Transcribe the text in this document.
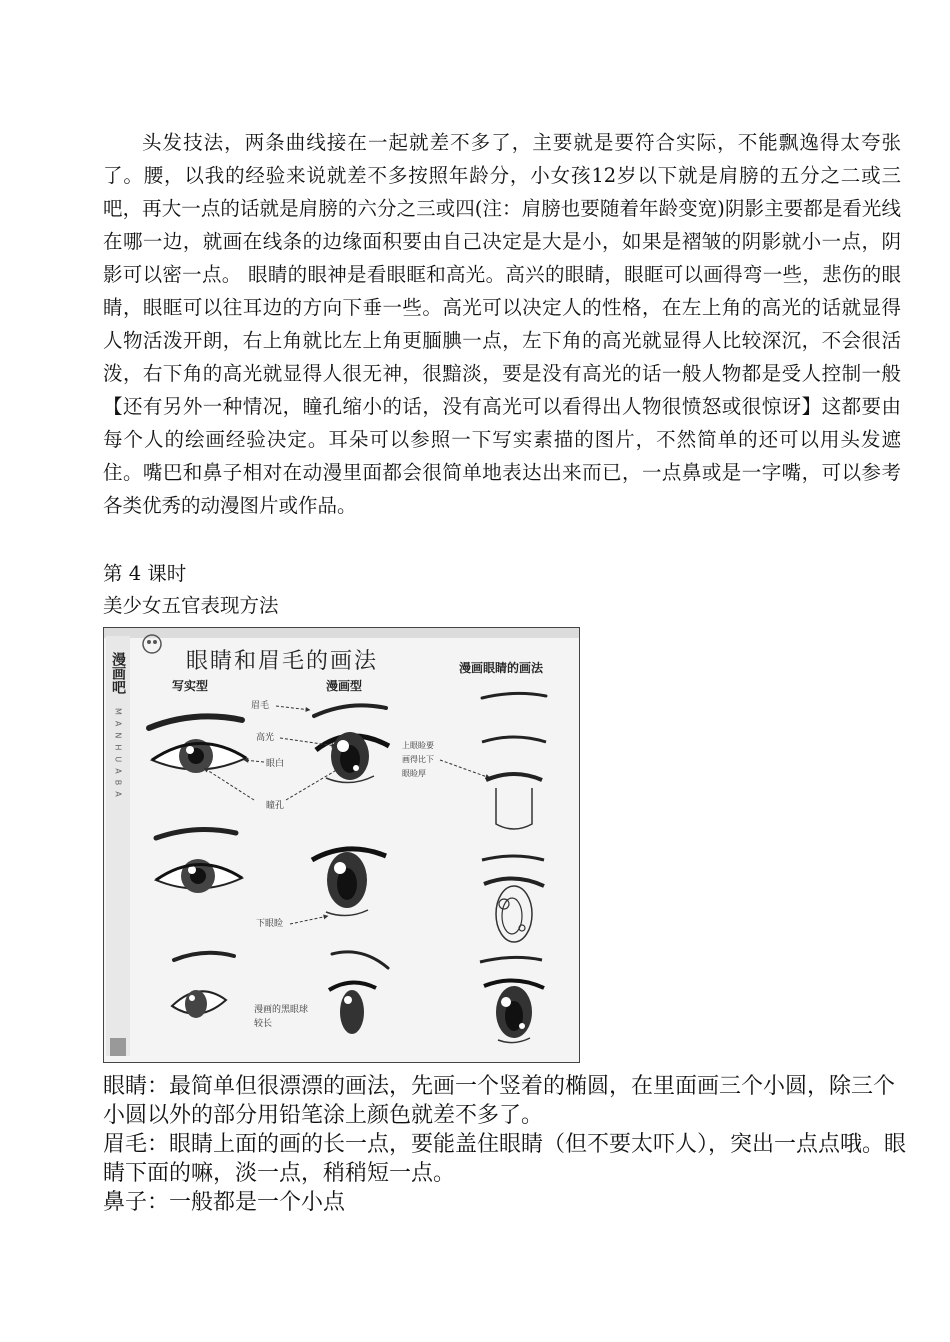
头发技法，两条曲线接在一起就差不多了，主要就是要符合实际，不能飘逸得太夸张了。腰，以我的经验来说就差不多按照年龄分，小女孩12岁以下就是肩膀的五分之二或三吧，再大一点的话就是肩膀的六分之三或四(注：肩膀也要随着年龄变宽)阴影主要都是看光线在哪一边，就画在线条的边缘面积要由自己决定是大是小，如果是褶皱的阴影就小一点，阴影可以密一点。 眼睛的眼神是看眼眶和高光。高兴的眼睛，眼眶可以画得弯一些，悲伤的眼睛，眼眶可以往耳边的方向下垂一些。高光可以决定人的性格，在左上角的高光的话就显得人物活泼开朗，右上角就比左上角更腼腆一点，左下角的高光就显得人比较深沉，不会很活泼，右下角的高光就显得人很无神，很黯淡，要是没有高光的话一般人物都是受人控制一般【还有另外一种情况，瞳孔缩小的话，没有高光可以看得出人物很愤怒或很惊讶】这都要由每个人的绘画经验决定。耳朵可以参照一下写实素描的图片，不然简单的还可以用头发遮住。嘴巴和鼻子相对在动漫里面都会很简单地表达出来而已，一点鼻或是一字嘴，可以参考各类优秀的动漫图片或作品。

第 4 课时

美少女五官表现方法

漫画吧
MANHUABA
眼睛和眉毛的画法	漫画眼睛的画法
写实型	漫画型
眉毛
高光
眼白
瞳孔
下眼睑
漫画的黑眼球
较长
上眼睑要
画得比下
眼睑厚

眼睛：最简单但很漂漂的画法，先画一个竖着的椭圆，在里面画三个小圆，除三个小圆以外的部分用铅笔涂上颜色就差不多了。

眉毛：眼睛上面的画的长一点，要能盖住眼睛（但不要太吓人），突出一点点哦。眼睛下面的嘛，淡一点，稍稍短一点。

鼻子：一般都是一个小点
